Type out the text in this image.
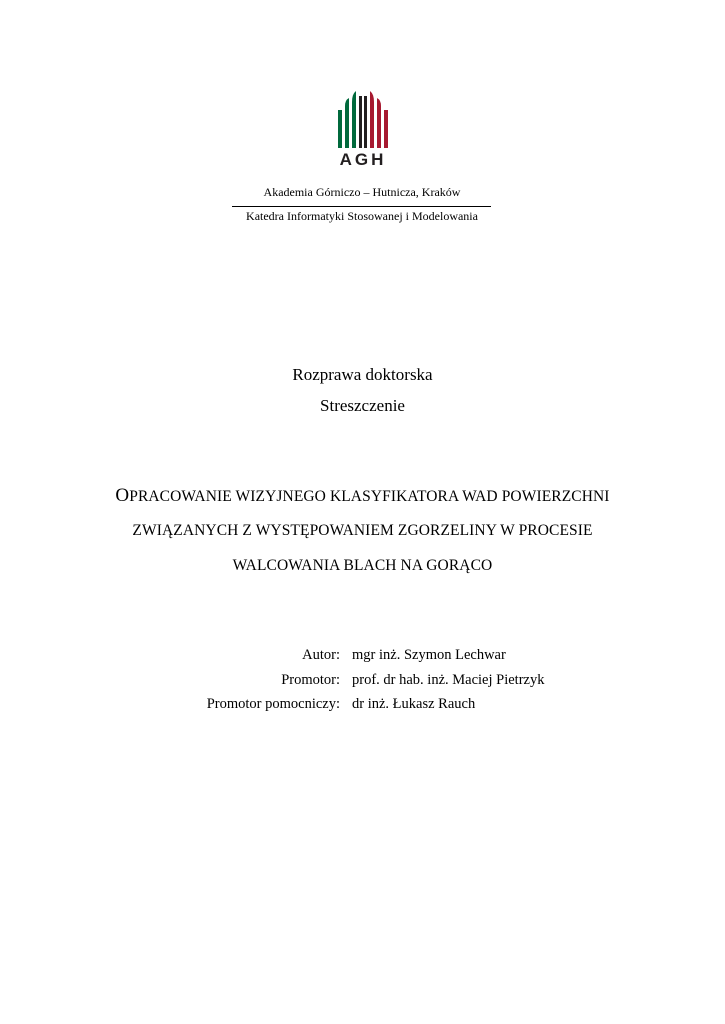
AGH
Akademia Górniczo – Hutnicza, Kraków
Katedra Informatyki Stosowanej i Modelowania
Rozprawa doktorska
Streszczenie
OPRACOWANIE WIZYJNEGO KLASYFIKATORA WAD POWIERZCHNI
ZWIĄZANYCH Z WYSTĘPOWANIEM ZGORZELINY W PROCESIE
WALCOWANIA BLACH NA GORĄCO
Autor: mgr inż. Szymon Lechwar
Promotor: prof. dr hab. inż. Maciej Pietrzyk
Promotor pomocniczy: dr inż. Łukasz Rauch
